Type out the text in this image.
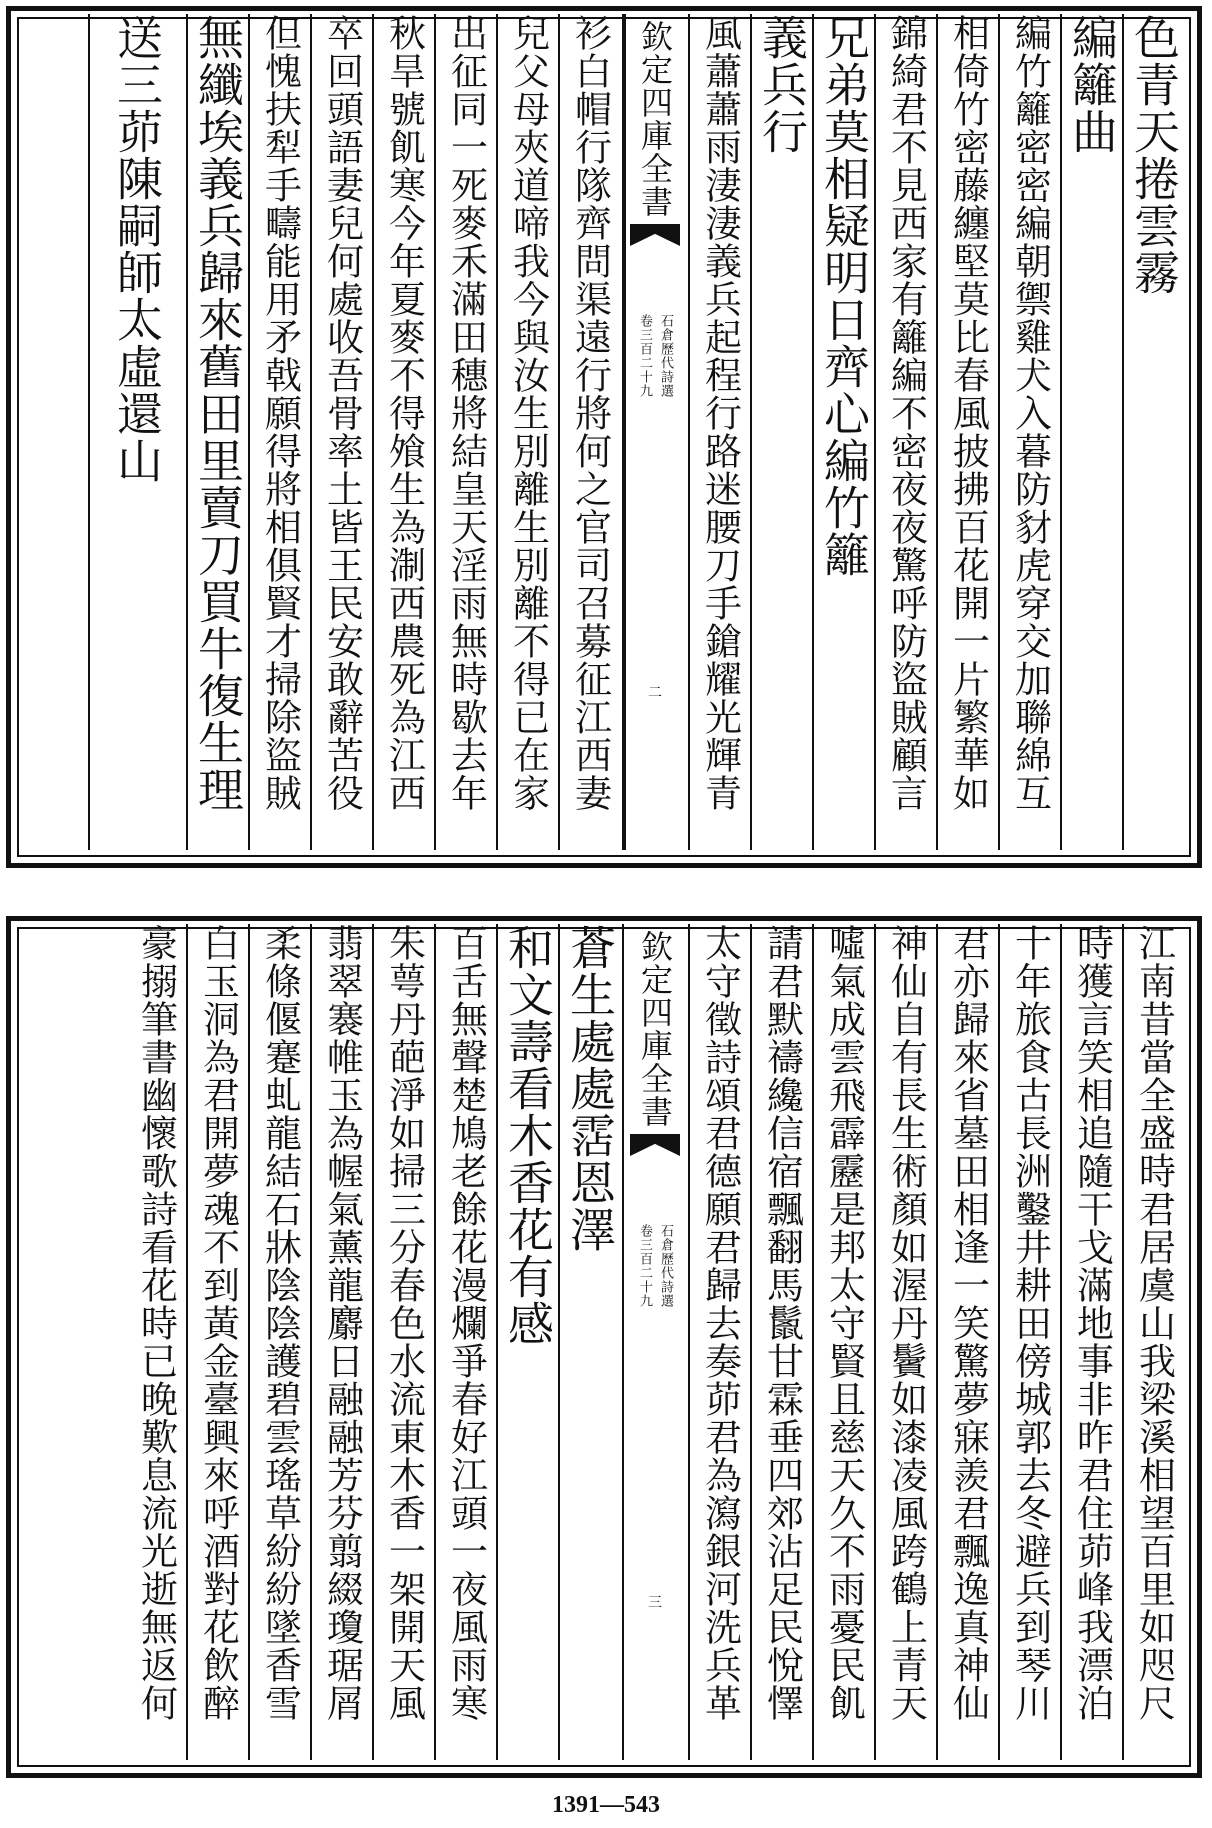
色青天捲雲霧
編籬曲
編竹籬密密編朝禦雞犬入暮防豺虎穿交加聯綿互
相倚竹密藤纏堅莫比春風披拂百花開一片繁華如
錦綺君不見西家有籬編不密夜夜驚呼防盜賊顧言
兄弟莫相疑明日齊心編竹籬
義兵行
風蕭蕭雨淒淒義兵起程行路迷腰刀手鎗耀光輝青
欽定四庫全書
卷三百二十九 石倉歷代詩選
二
衫白帽行隊齊問渠遠行將何之官司召募征江西妻
兒父母夾道啼我今與汝生別離生別離不得已在家
出征同一死麥禾滿田穗將結皇天淫雨無時歇去年
秋旱號飢寒今年夏麥不得飧生為淛西農死為江西
卒回頭語妻兒何處收吾骨率土皆王民安敢辭苦役
但愧扶犁手疇能用矛戟願得將相俱賢才掃除盜賊
無纖埃義兵歸來舊田里賣刀買牛復生理
送三茆陳嗣師太虛還山
江南昔當全盛時君居虞山我梁溪相望百里如咫尺
時獲言笑相追隨干戈滿地事非昨君住茆峰我漂泊
十年旅食古長洲鑿井耕田傍城郭去冬避兵到琴川
君亦歸來省墓田相逢一笑驚夢寐羨君飄逸真神仙
神仙自有長生術顏如渥丹鬢如漆凌風跨鶴上青天
噓氣成雲飛霹靂是邦太守賢且慈天久不雨憂民飢
請君默禱纔信宿飄翻馬鬛甘霖垂四郊沾足民悅懌
太守徵詩頌君德願君歸去奏茆君為瀉銀河洗兵革
欽定四庫全書
卷三百二十九 石倉歷代詩選
三
蒼生處處霑恩澤
和文壽看木香花有感
百舌無聲楚鳩老餘花漫爛爭春好江頭一夜風雨寒
朱萼丹葩淨如掃三分春色水流東木香一架開天風
翡翠褰帷玉為幄氣薰龍麝日融融芳芬翦綴瓊琚屑
柔條偃蹇虬龍結石牀陰陰護碧雲瑤草紛紛墜香雪
白玉洞為君開夢魂不到黃金臺興來呼酒對花飲醉
豪搦筆書幽懷歌詩看花時已晚歎息流光逝無返何
1391—543
